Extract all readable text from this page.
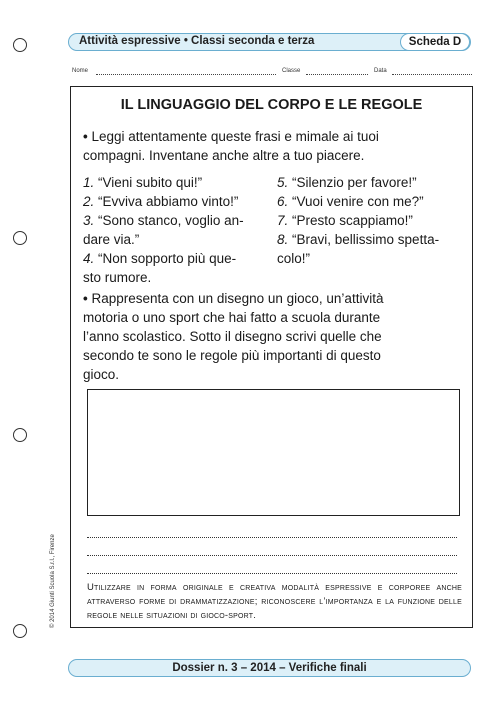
Attività espressive • Classi seconda e terza	Scheda D
Nome	Classe	Data
IL LINGUAGGIO DEL CORPO E LE REGOLE
• Leggi attentamente queste frasi e mimale ai tuoi
compagni. Inventane anche altre a tuo piacere.
1. “Vieni subito qui!”
2. “Evviva abbiamo vinto!”
3. “Sono stanco, voglio an-
dare via.”
4. “Non sopporto più que-
sto rumore.
5. “Silenzio per favore!”
6. “Vuoi venire con me?”
7. “Presto scappiamo!”
8. “Bravi, bellissimo spetta-
colo!”
• Rappresenta con un disegno un gioco, un’attività
motoria o uno sport che hai fatto a scuola durante
l’anno scolastico. Sotto il disegno scrivi quelle che
secondo te sono le regole più importanti di questo
gioco.
Utilizzare in forma originale e creativa modalità espressive e corporee anche attraverso forme di drammatizzazione; riconoscere l’importanza e la funzione delle regole nelle situazioni di gioco-sport.
© 2014 Giunti Scuola S.r.l., Firenze
Dossier n. 3 – 2014 – Verifiche finali
